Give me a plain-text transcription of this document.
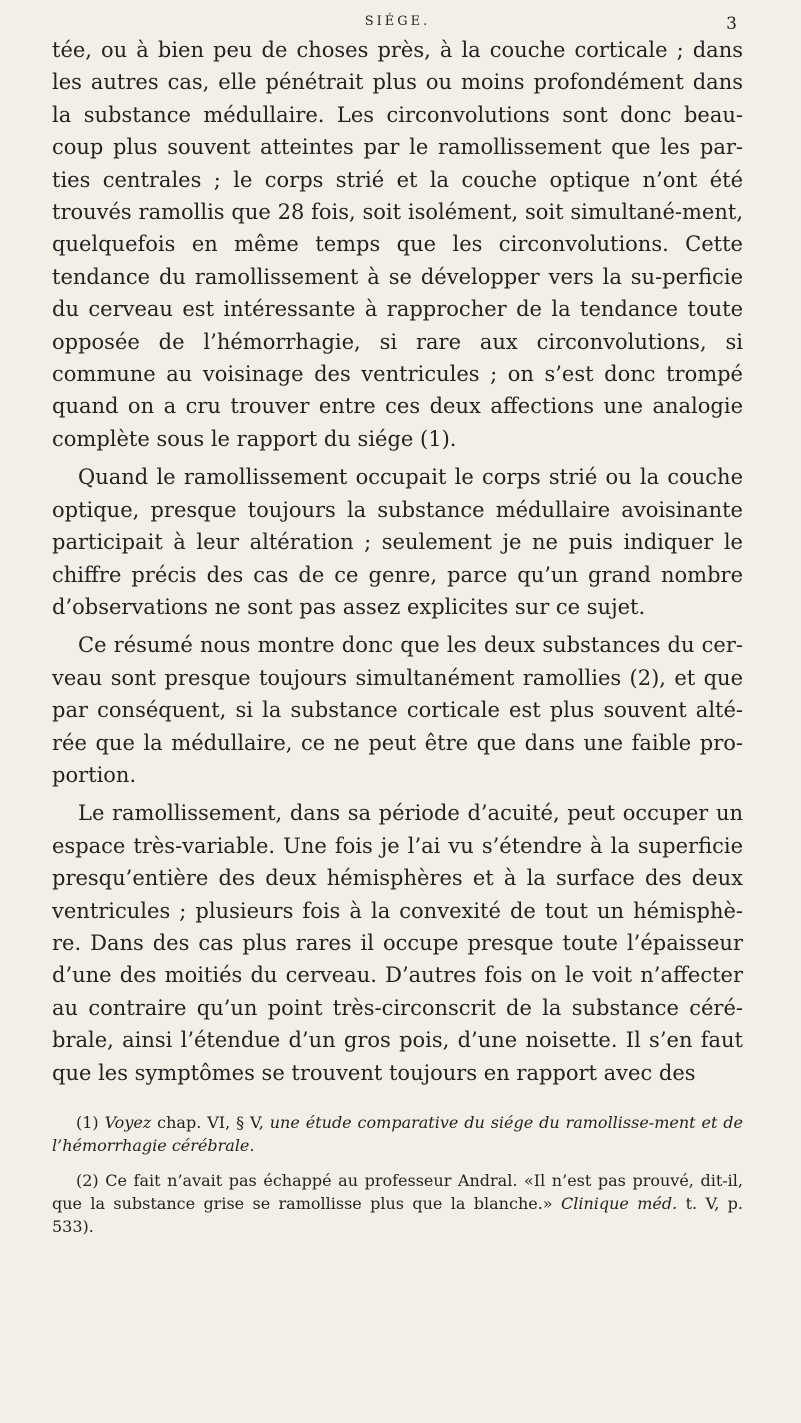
SIÉGE.	3

tée, ou à bien peu de choses près, à la couche corticale ; dans les autres cas, elle pénétrait plus ou moins profondément dans la substance médullaire. Les circonvolutions sont donc beau-coup plus souvent atteintes par le ramollissement que les par-ties centrales ; le corps strié et la couche optique n’ont été trouvés ramollis que 28 fois, soit isolément, soit simultané-ment, quelquefois en même temps que les circonvolutions. Cette tendance du ramollissement à se développer vers la su-perficie du cerveau est intéressante à rapprocher de la tendance toute opposée de l’hémorrhagie, si rare aux circonvolutions, si commune au voisinage des ventricules ; on s’est donc trompé quand on a cru trouver entre ces deux affections une analogie complète sous le rapport du siége (1).

Quand le ramollissement occupait le corps strié ou la couche optique, presque toujours la substance médullaire avoisinante participait à leur altération ; seulement je ne puis indiquer le chiffre précis des cas de ce genre, parce qu’un grand nombre d’observations ne sont pas assez explicites sur ce sujet.

Ce résumé nous montre donc que les deux substances du cer-veau sont presque toujours simultanément ramollies (2), et que par conséquent, si la substance corticale est plus souvent alté-rée que la médullaire, ce ne peut être que dans une faible pro-portion.

Le ramollissement, dans sa période d’acuité, peut occuper un espace très-variable. Une fois je l’ai vu s’étendre à la superficie presqu’entière des deux hémisphères et à la surface des deux ventricules ; plusieurs fois à la convexité de tout un hémisphè-re. Dans des cas plus rares il occupe presque toute l’épaisseur d’une des moitiés du cerveau. D’autres fois on le voit n’affecter au contraire qu’un point très-circonscrit de la substance céré-brale, ainsi l’étendue d’un gros pois, d’une noisette. Il s’en faut que les symptômes se trouvent toujours en rapport avec des

(1) Voyez chap. VI, § V, une étude comparative du siége du ramollisse-ment et de l’hémorrhagie cérébrale.

(2) Ce fait n’avait pas échappé au professeur Andral. «Il n’est pas prouvé, dit-il, que la substance grise se ramollisse plus que la blanche.» Clinique méd. t. V, p. 533).
